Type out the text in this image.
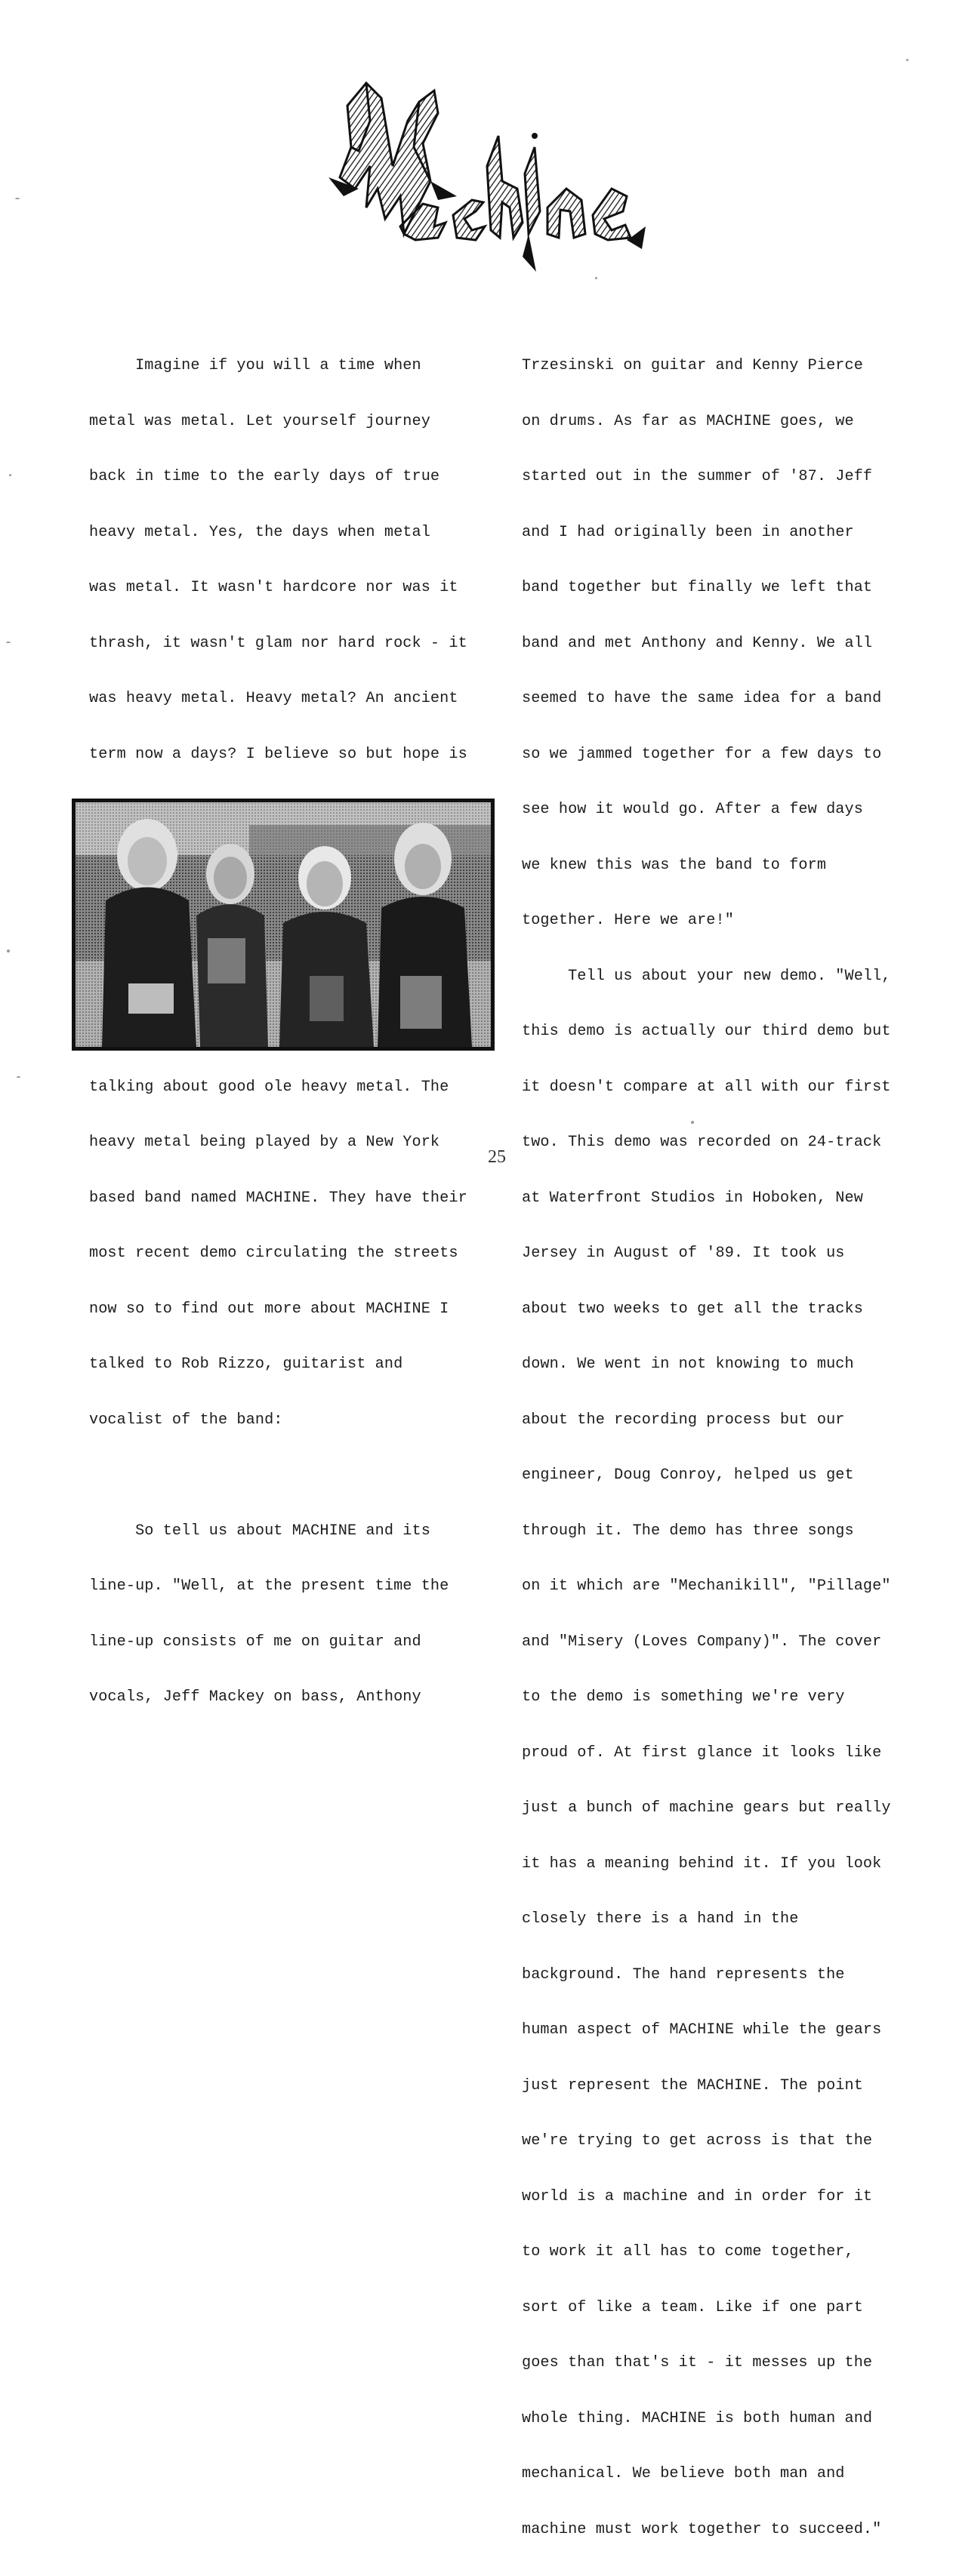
Imagine if you will a time when

metal was metal. Let yourself journey

back in time to the early days of true

heavy metal. Yes, the days when metal

was metal. It wasn't hardcore nor was it

thrash, it wasn't glam nor hard rock - it

was heavy metal. Heavy metal? An ancient

term now a days? I believe so but hope is

talking about good ole heavy metal. The

heavy metal being played by a New York

based band named MACHINE. They have their

most recent demo circulating the streets

now so to find out more about MACHINE I

talked to Rob Rizzo, guitarist and

vocalist of the band:

So tell us about MACHINE and its

line-up. "Well, at the present time the

line-up consists of me on guitar and

vocals, Jeff Mackey on bass, Anthony

Trzesinski on guitar and Kenny Pierce

on drums. As far as MACHINE goes, we

started out in the summer of '87. Jeff

and I had originally been in another

band together but finally we left that

band and met Anthony and Kenny. We all

seemed to have the same idea for a band

so we jammed together for a few days to

see how it would go. After a few days

we knew this was the band to form

together. Here we are!"

Tell us about your new demo. "Well,

this demo is actually our third demo but

it doesn't compare at all with our first

two. This demo was recorded on 24-track

at Waterfront Studios in Hoboken, New

Jersey in August of '89. It took us

about two weeks to get all the tracks

down. We went in not knowing to much

about the recording process but our

engineer, Doug Conroy, helped us get

through it. The demo has three songs

on it which are "Mechanikill", "Pillage"

and "Misery (Loves Company)". The cover

to the demo is something we're very

proud of. At first glance it looks like

just a bunch of machine gears but really

it has a meaning behind it. If you look

closely there is a hand in the

background. The hand represents the

human aspect of MACHINE while the gears

just represent the MACHINE. The point

we're trying to get across is that the

world is a machine and in order for it

to work it all has to come together,

sort of like a team. Like if one part

goes than that's it - it messes up the

whole thing. MACHINE is both human and

mechanical. We believe both man and

machine must work together to succeed."

25
